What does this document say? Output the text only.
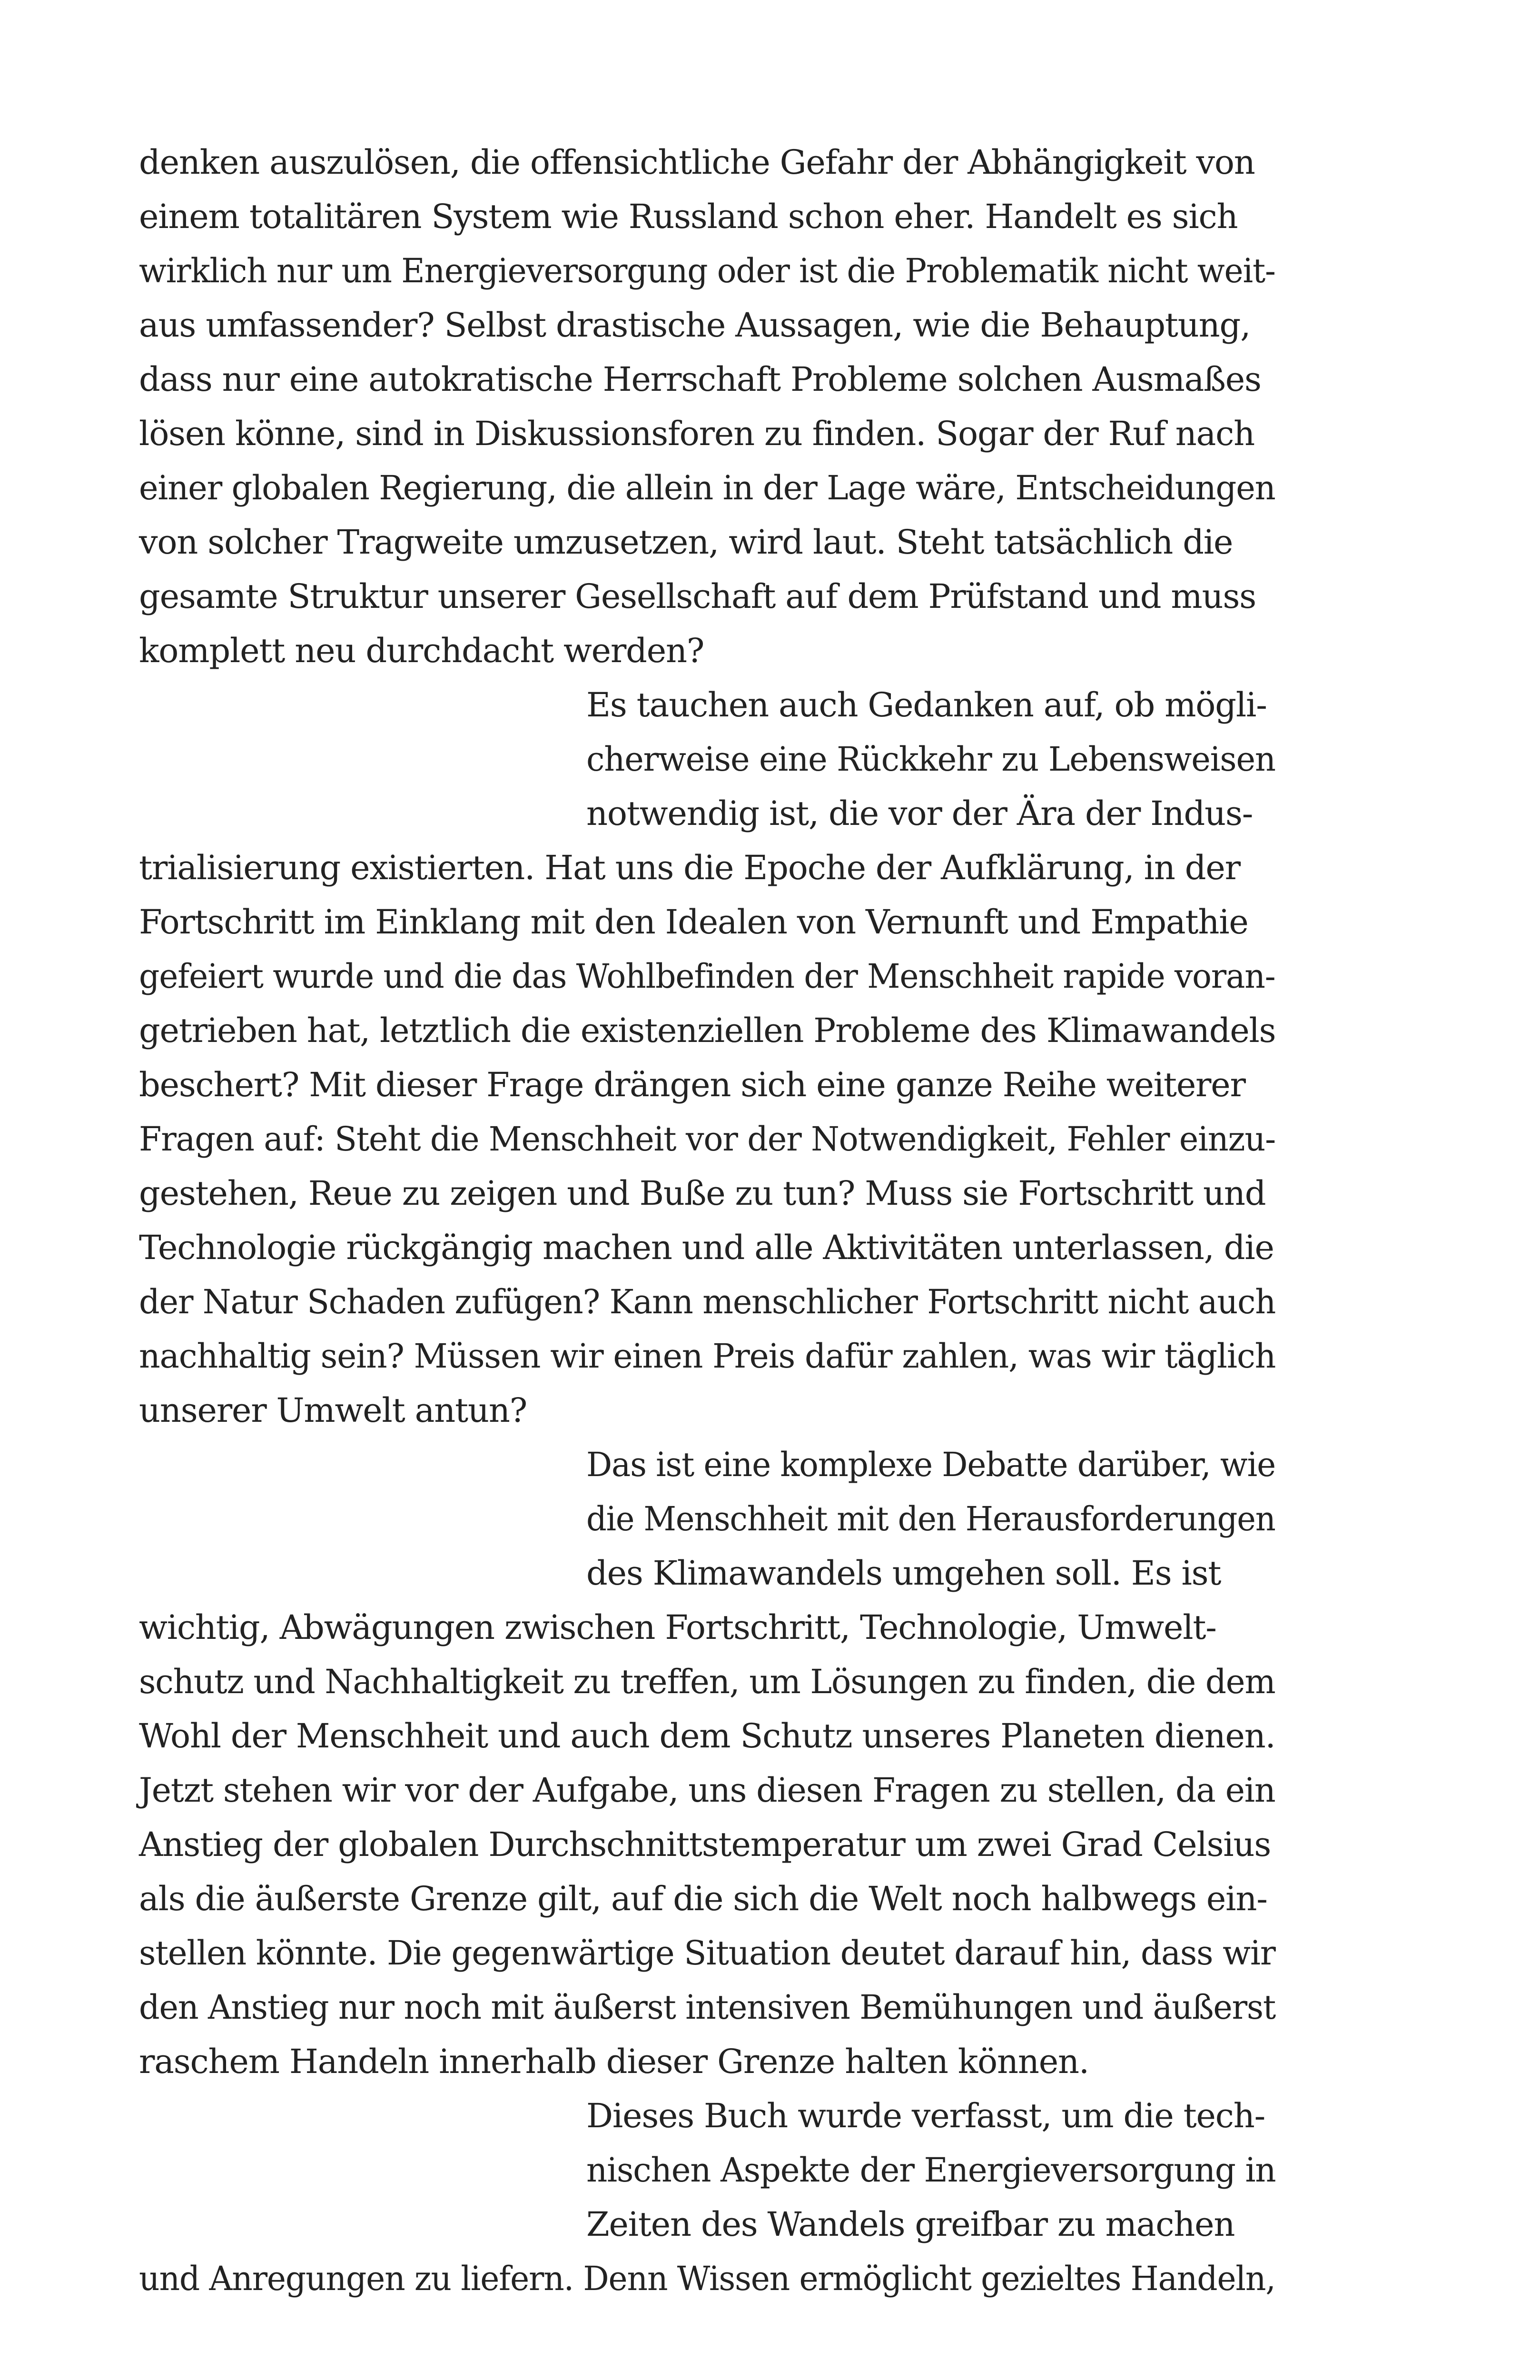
denken auszulösen, die offensichtliche Gefahr der Abhängigkeit von
einem totalitären System wie Russland schon eher. Handelt es sich
wirklich nur um Energieversorgung oder ist die Problematik nicht weit-
aus umfassender? Selbst drastische Aussagen, wie die Behauptung,
dass nur eine autokratische Herrschaft Probleme solchen Ausmaßes
lösen könne, sind in Diskussionsforen zu finden. Sogar der Ruf nach
einer globalen Regierung, die allein in der Lage wäre, Entscheidungen
von solcher Tragweite umzusetzen, wird laut. Steht tatsächlich die
gesamte Struktur unserer Gesellschaft auf dem Prüfstand und muss
komplett neu durchdacht werden?
Es tauchen auch Gedanken auf, ob mögli-
cherweise eine Rückkehr zu Lebensweisen
notwendig ist, die vor der Ära der Indus-
trialisierung existierten. Hat uns die Epoche der Aufklärung, in der
Fortschritt im Einklang mit den Idealen von Vernunft und Empathie
gefeiert wurde und die das Wohlbefinden der Menschheit rapide voran-
getrieben hat, letztlich die existenziellen Probleme des Klimawandels
beschert? Mit dieser Frage drängen sich eine ganze Reihe weiterer
Fragen auf: Steht die Menschheit vor der Notwendigkeit, Fehler einzu-
gestehen, Reue zu zeigen und Buße zu tun? Muss sie Fortschritt und
Technologie rückgängig machen und alle Aktivitäten unterlassen, die
der Natur Schaden zufügen? Kann menschlicher Fortschritt nicht auch
nachhaltig sein? Müssen wir einen Preis dafür zahlen, was wir täglich
unserer Umwelt antun?
Das ist eine komplexe Debatte darüber, wie
die Menschheit mit den Herausforderungen
des Klimawandels umgehen soll. Es ist
wichtig, Abwägungen zwischen Fortschritt, Technologie, Umwelt-
schutz und Nachhaltigkeit zu treffen, um Lösungen zu finden, die dem
Wohl der Menschheit und auch dem Schutz unseres Planeten dienen.
Jetzt stehen wir vor der Aufgabe, uns diesen Fragen zu stellen, da ein
Anstieg der globalen Durchschnittstemperatur um zwei Grad Celsius
als die äußerste Grenze gilt, auf die sich die Welt noch halbwegs ein-
stellen könnte. Die gegenwärtige Situation deutet darauf hin, dass wir
den Anstieg nur noch mit äußerst intensiven Bemühungen und äußerst
raschem Handeln innerhalb dieser Grenze halten können.
Dieses Buch wurde verfasst, um die tech-
nischen Aspekte der Energieversorgung in
Zeiten des Wandels greifbar zu machen
und Anregungen zu liefern. Denn Wissen ermöglicht gezieltes Handeln,
